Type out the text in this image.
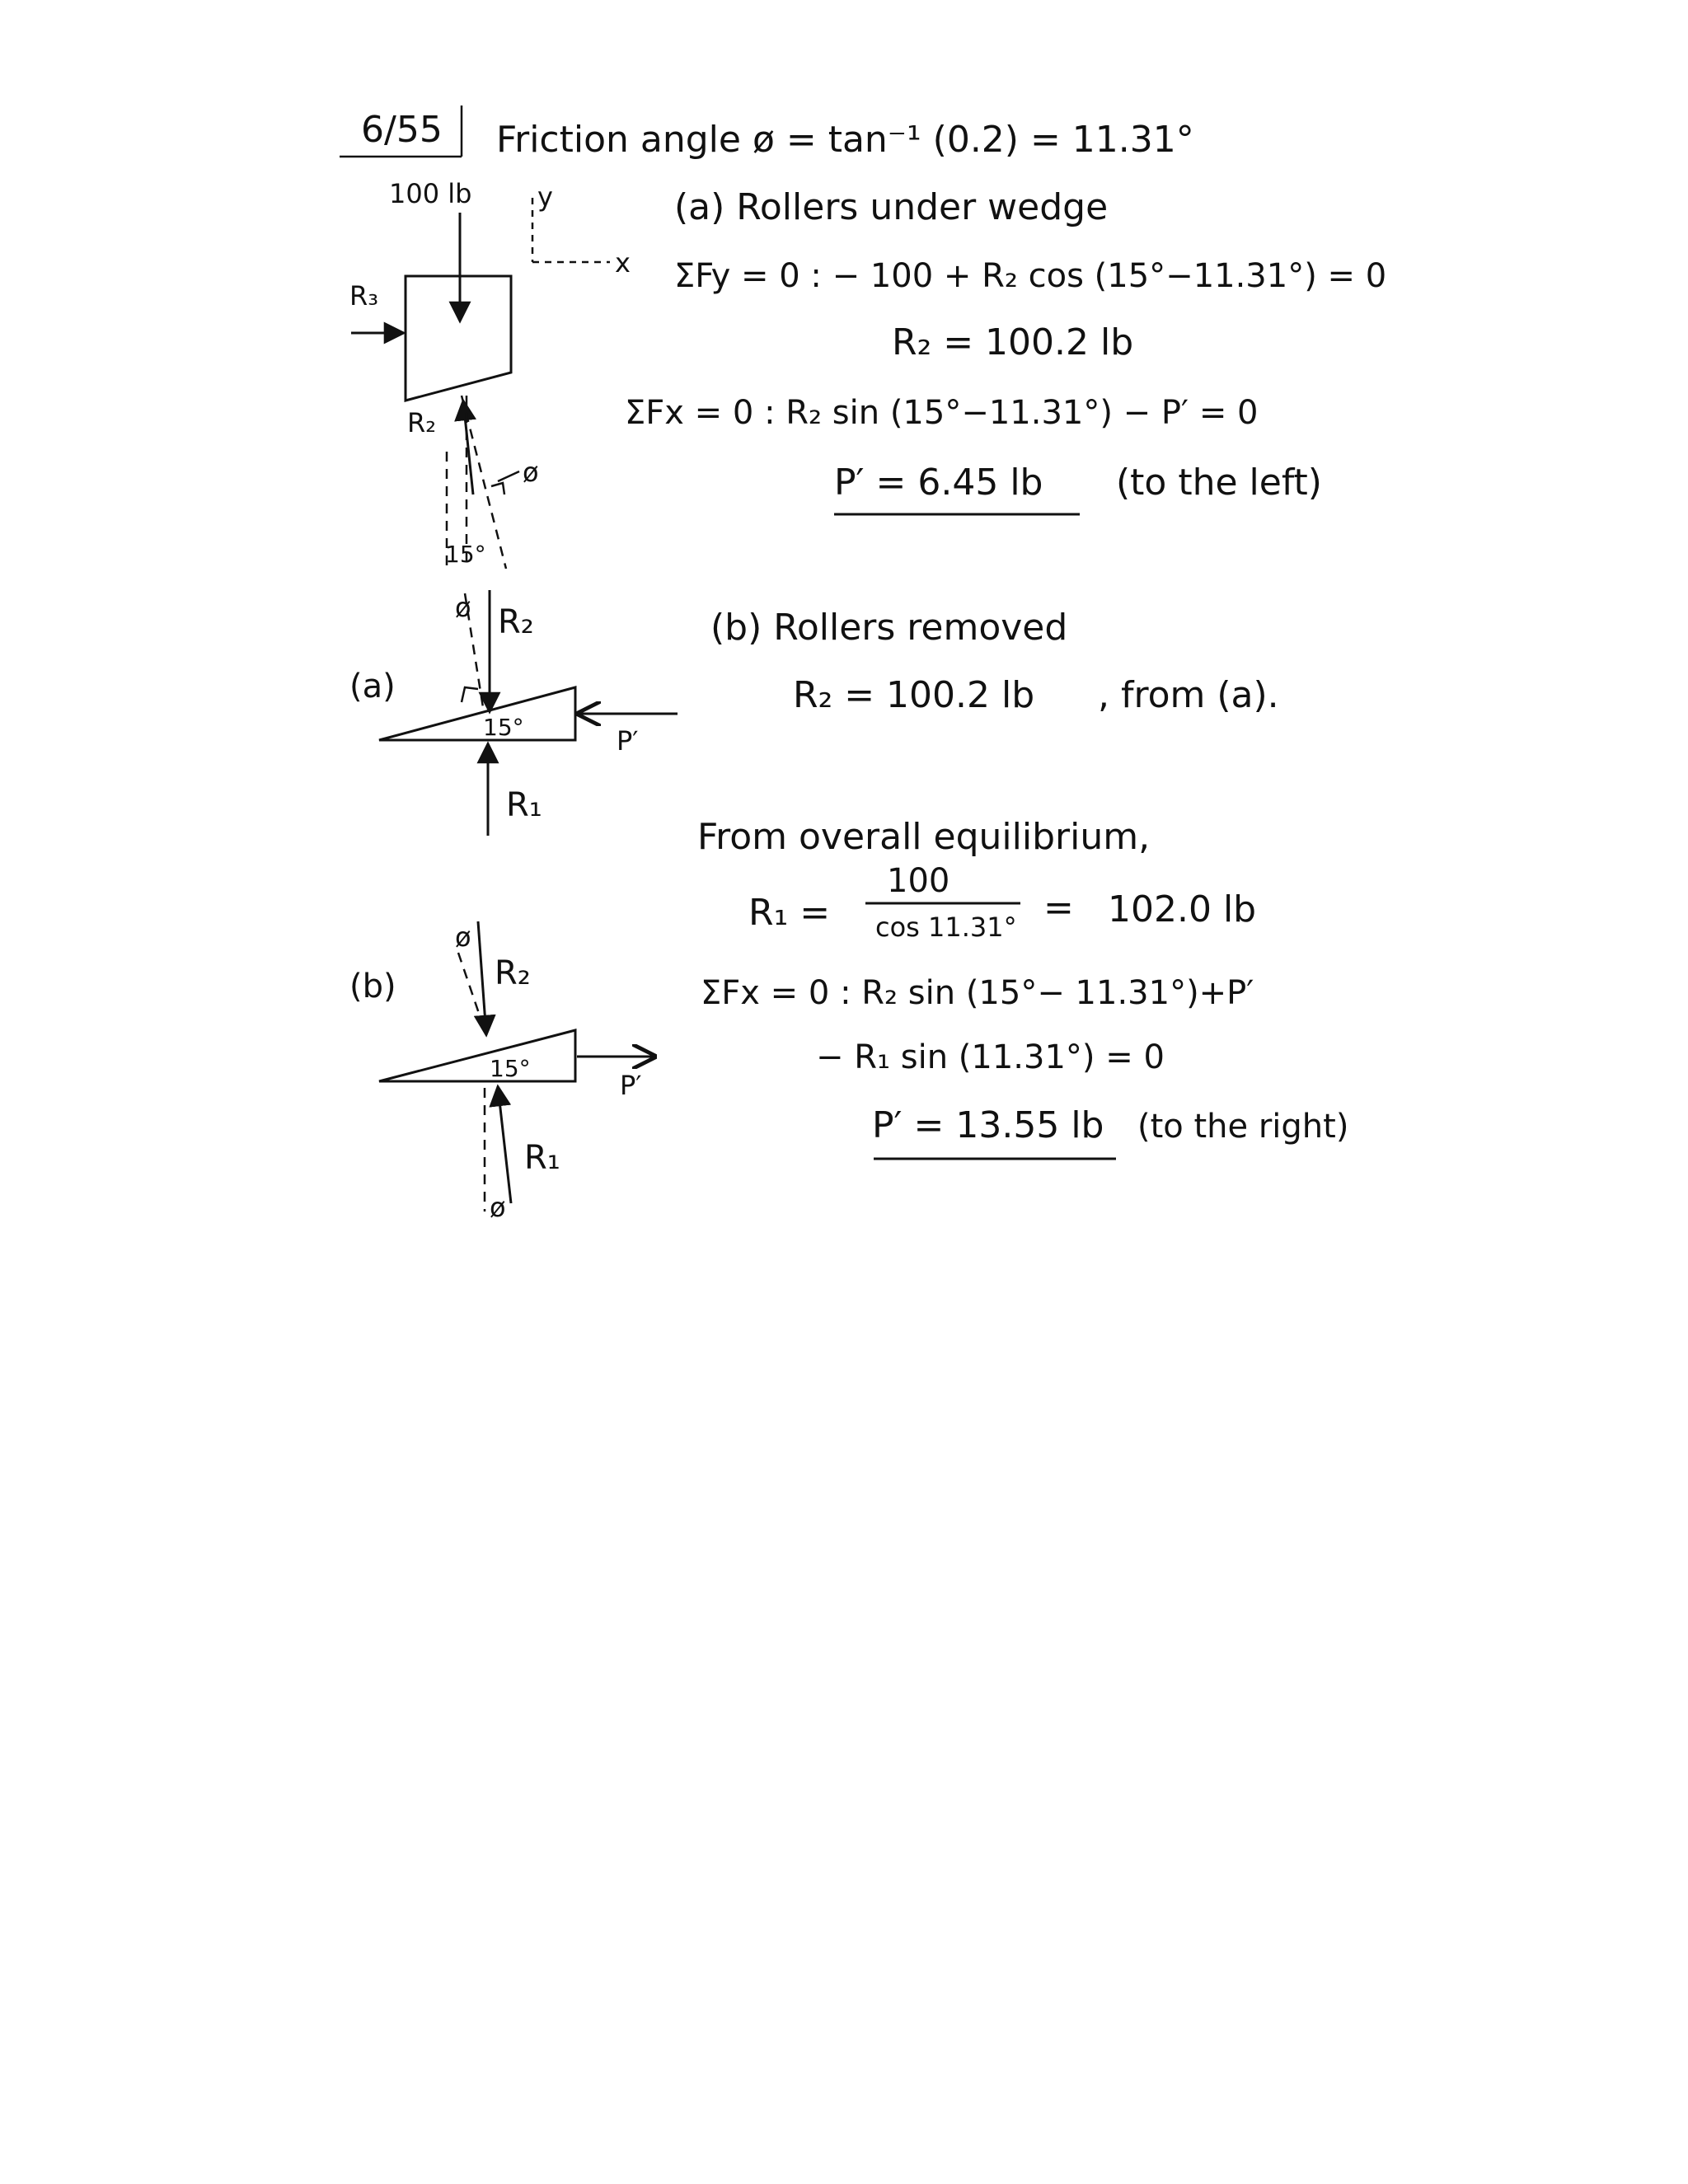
6/55 Friction angle ø = tan⁻¹ (0.2) = 11.31°
100 lb y
x
R₃
R₂
ø
15°
(a) Rollers under wedge
ΣFy = 0 : − 100 + R₂ cos (15°−11.31°) = 0
R₂ = 100.2 lb
ΣFx = 0 : R₂ sin (15°−11.31°) − P′ = 0
P′ = 6.45 lb (to the left)
(a)
ø R₂
15°	P′
R₁
(b) Rollers removed
R₂ = 100.2 lb , from (a).
From overall equilibrium,
R₁ =
100
cos 11.31° = 102.0 lb
ΣFx = 0 : R₂ sin (15°− 11.31°)+P′
− R₁ sin (11.31°) = 0
P′ = 13.55 lb (to the right)
(b)
ø
R₂
15°
P′
R₁
ø
